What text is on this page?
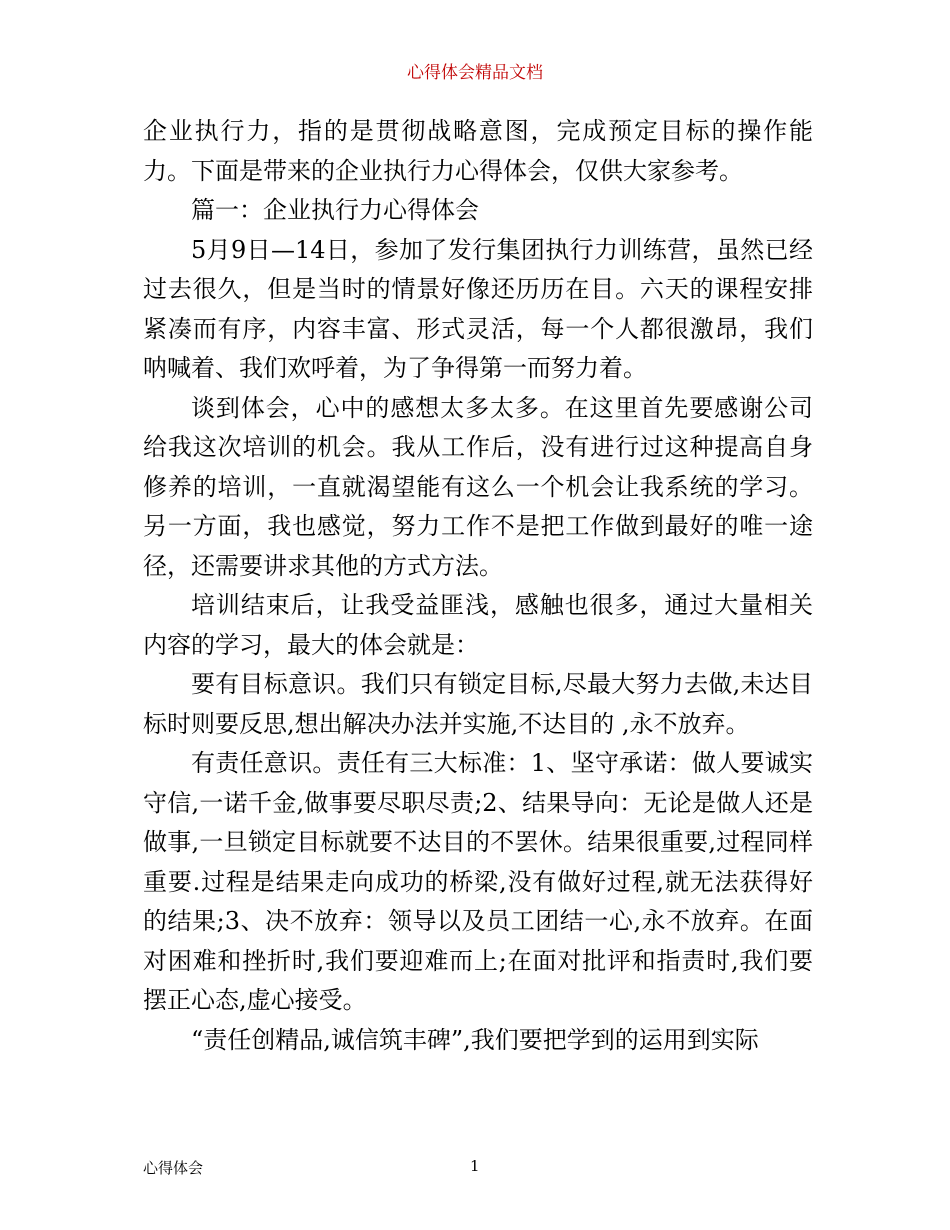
心得体会精品文档

企业执行力，指的是贯彻战略意图，完成预定目标的操作能力。下面是带来的企业执行力心得体会，仅供大家参考。

篇一：企业执行力心得体会

5月9日—14日，参加了发行集团执行力训练营，虽然已经过去很久，但是当时的情景好像还历历在目。六天的课程安排紧凑而有序，内容丰富、形式灵活，每一个人都很激昂，我们呐喊着、我们欢呼着，为了争得第一而努力着。

谈到体会，心中的感想太多太多。在这里首先要感谢公司给我这次培训的机会。我从工作后，没有进行过这种提高自身修养的培训，一直就渴望能有这么一个机会让我系统的学习。另一方面，我也感觉，努力工作不是把工作做到最好的唯一途径，还需要讲求其他的方式方法。

培训结束后，让我受益匪浅，感触也很多，通过大量相关内容的学习，最大的体会就是：

要有目标意识。我们只有锁定目标,尽最大努力去做,未达目标时则要反思,想出解决办法并实施,不达目的 ,永不放弃。

有责任意识。责任有三大标准：1、坚守承诺：做人要诚实守信,一诺千金,做事要尽职尽责;2、结果导向：无论是做人还是做事,一旦锁定目标就要不达目的不罢休。结果很重要,过程同样重要.过程是结果走向成功的桥梁,没有做好过程,就无法获得好的结果;3、决不放弃：领导以及员工团结一心,永不放弃。在面对困难和挫折时,我们要迎难而上;在面对批评和指责时,我们要摆正心态,虚心接受。

“责任创精品,诚信筑丰碑”,我们要把学到的运用到实际

心得体会	1
